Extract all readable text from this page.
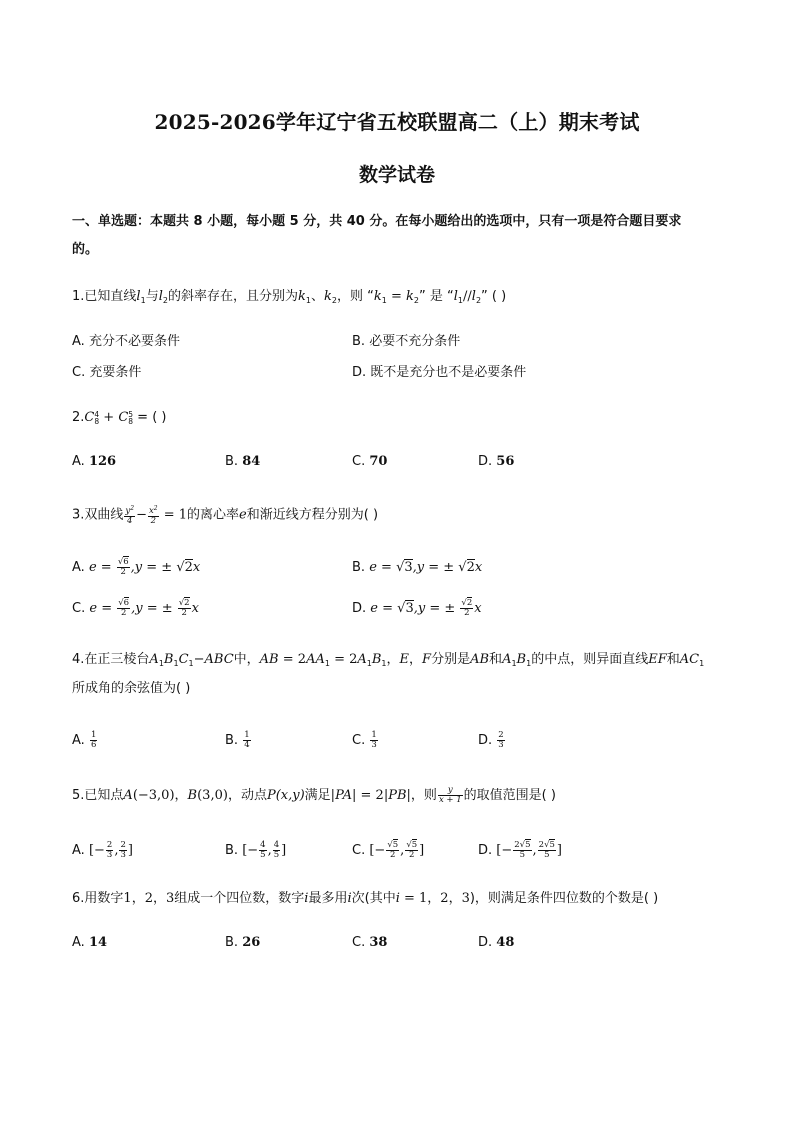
2025-2026学年辽宁省五校联盟高二（上）期末考试
数学试卷
一、单选题：本题共 8 小题，每小题 5 分，共 40 分。在每小题给出的选项中，只有一项是符合题目要求
的。
1.已知直线$l_1$与$l_2$的斜率存在，且分别为$k_1$、$k_2$，则 “$k_1 = k_2$” 是 “$l_1//l_2$” ( )
A. 充分不必要条件	B. 必要不充分条件
C. 充要条件	D. 既不是充分也不是必要条件
2.C 4
8 + C 5
8 = ( )
A. 126	B. 84	C. 70	D. 56
3.双曲线 $\frac{y^2}{4} - \frac{x^2}{2} = 1$的离心率e和渐近线方程分别为( )
A. $e = \frac{√6}{2} ,y$ = ± √2x	B. e = √3,y = ± √2x
C. $e = \frac{√6}{2} ,y$ = ± $\frac{√2}{2}$ x	D. e = √3,y = ± $\frac{√2}{2}$ x
4.在正三棱台$A_1B_1C_1-ABC$中，AB = $2AA_1 = 2A_1B_1$，E，F分别是AB和$A_1B_1$的中点，则异面直线EF和$AC_1$
所成角的余弦值为( )
A. $\frac{1}{6}$	B. $\frac{1}{4}$	C. $\frac{1}{3}$	D. $\frac{2}{3}$
5.已知点A(−3,0)，B(3,0)，动点P(x,y)满足|PA| = 2|PB|，则 $\frac{y}{x + 1}$ 的取值范围是( )
A. [− $\frac{2}{3}$ , $\frac{2}{3}$ ]	B. [− $\frac{4}{5}$ , $\frac{4}{5}$ ]	C. [− $\frac{√5}{2}$ , $\frac{√5}{2}$ ]	D. [− $\frac{2√5}{5}$ , $\frac{2√5}{5}$ ]
6.用数字1，2，3组成一个四位数，数字i最多用i次(其中i = 1，2，3)，则满足条件四位数的个数是( )
A. 14	B. 26	C. 38	D. 48
